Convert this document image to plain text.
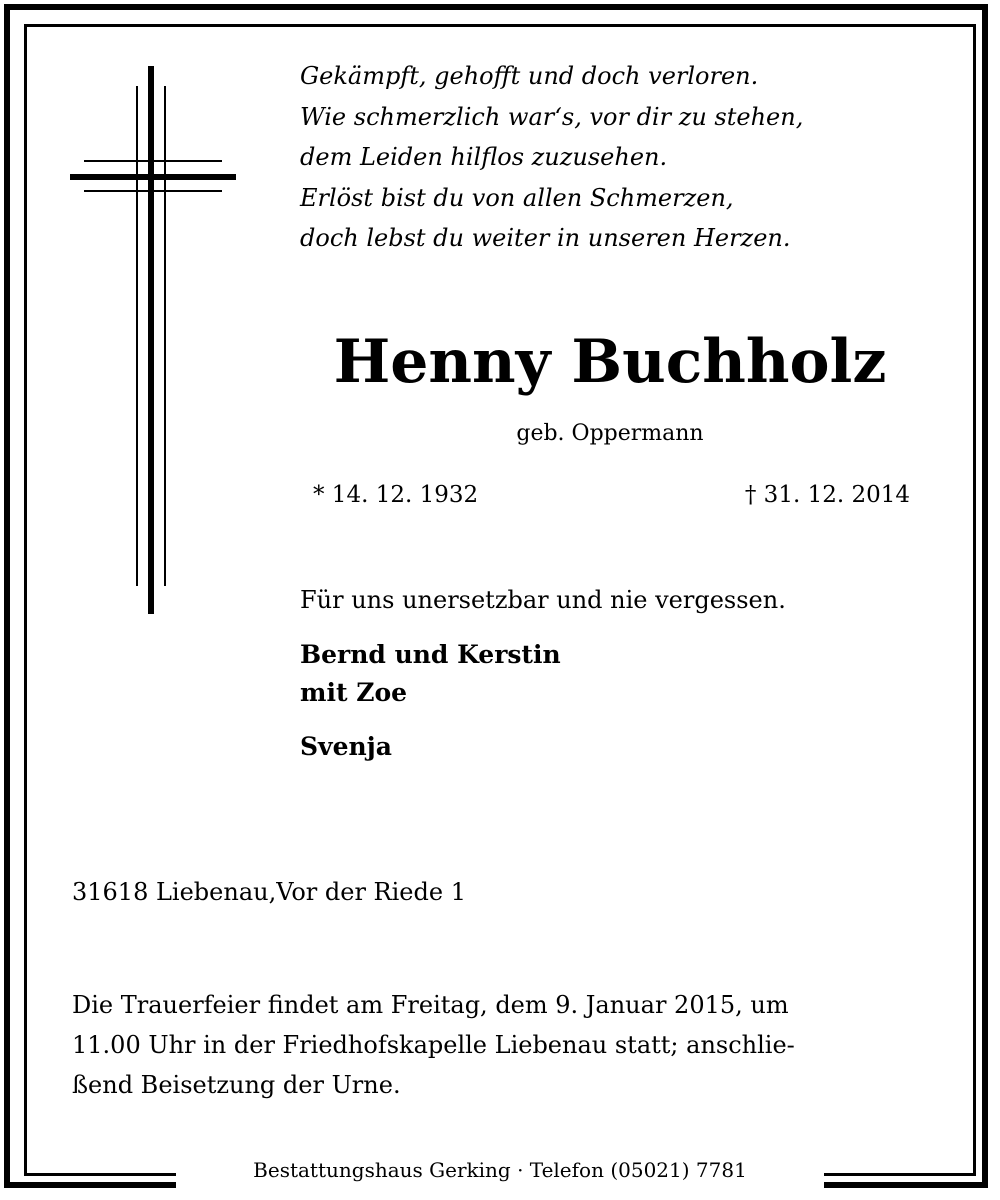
Gekämpft, gehofft und doch verloren.
Wie schmerzlich war‘s, vor dir zu stehen,
dem Leiden hilflos zuzusehen.
Erlöst bist du von allen Schmerzen,
doch lebst du weiter in unseren Herzen.
Henny Buchholz
geb. Oppermann
* 14. 12. 1932	† 31. 12. 2014
Für uns unersetzbar und nie vergessen.
Bernd und Kerstin
mit Zoe
Svenja
31618 Liebenau,Vor der Riede 1
Die Trauerfeier findet am Freitag, dem 9. Januar 2015, um
11.00 Uhr in der Friedhofskapelle Liebenau statt; anschlie-
ßend Beisetzung der Urne.
Bestattungshaus Gerking · Telefon (05021) 7781
